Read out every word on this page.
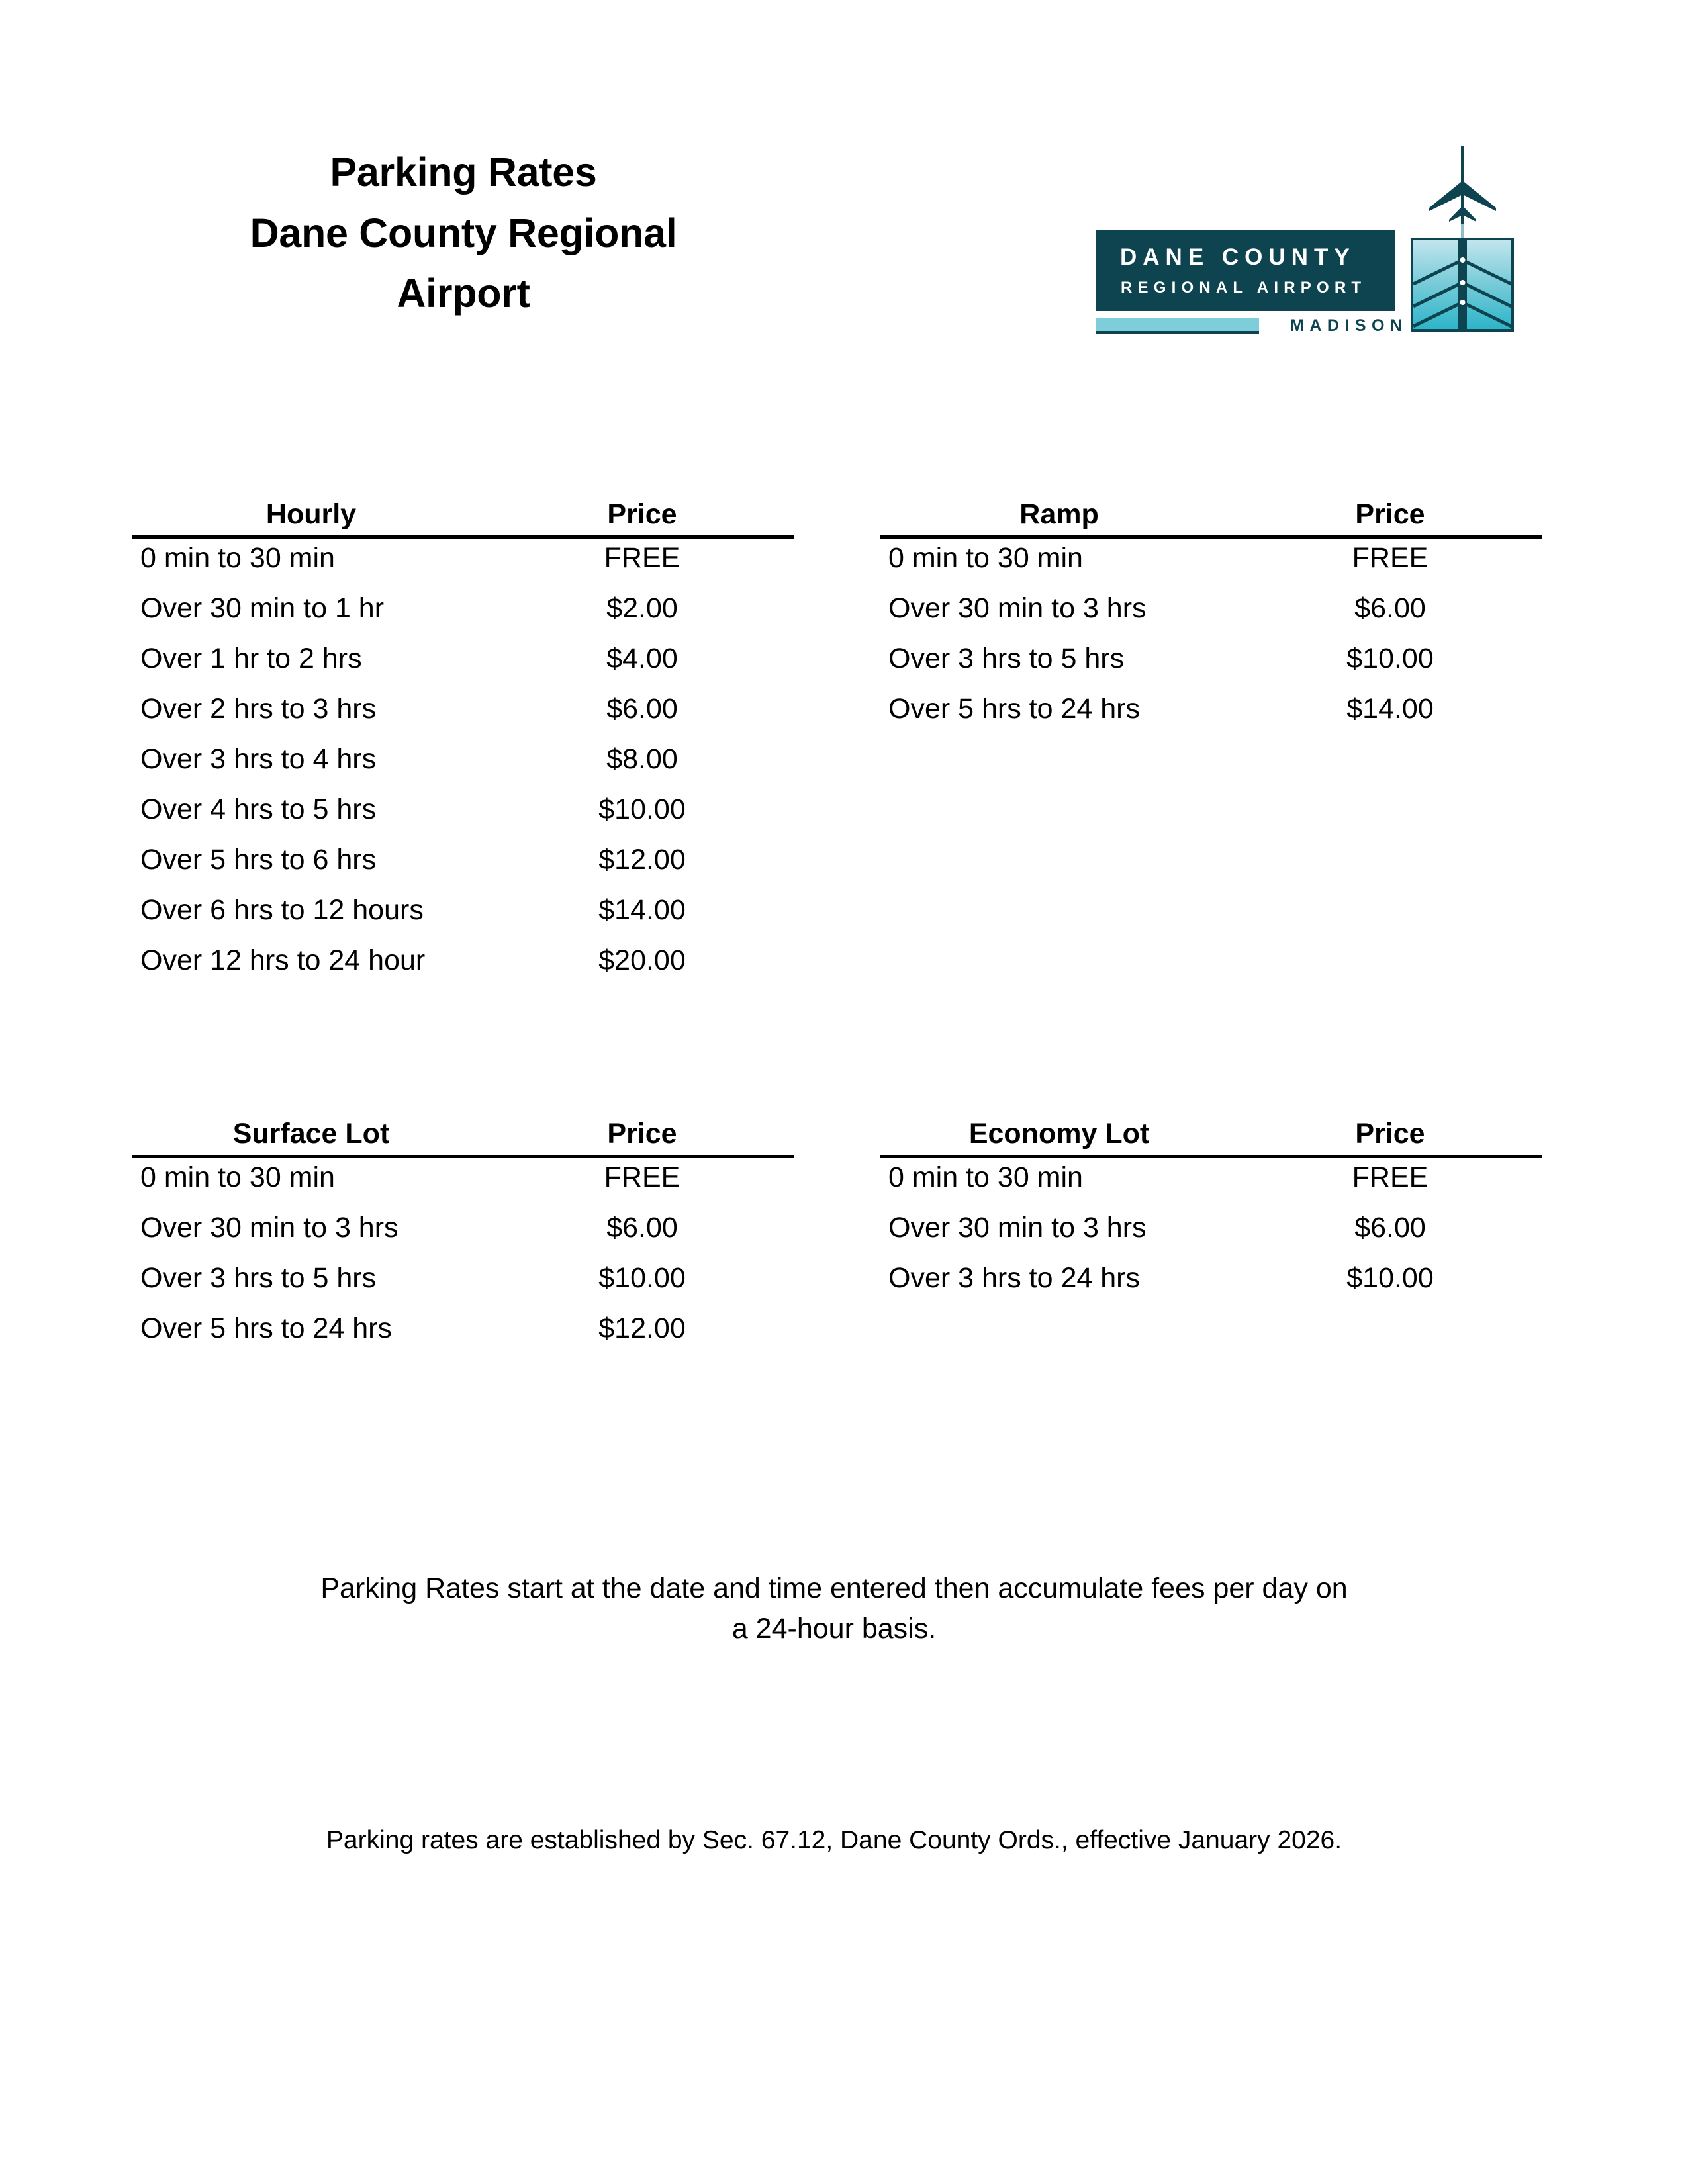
Parking Rates
Dane County Regional
Airport
DANE COUNTY
REGIONAL AIRPORT
MADISON
Hourly	Price
0 min to 30 min	FREE
Over 30 min to 1 hr	$2.00
Over 1 hr to 2 hrs	$4.00
Over 2 hrs to 3 hrs	$6.00
Over 3 hrs to 4 hrs	$8.00
Over 4 hrs to 5 hrs	$10.00
Over 5 hrs to 6 hrs	$12.00
Over 6 hrs to 12 hours	$14.00
Over 12 hrs to 24 hour	$20.00
Ramp	Price
0 min to 30 min	FREE
Over 30 min to 3 hrs	$6.00
Over 3 hrs to 5 hrs	$10.00
Over 5 hrs to 24 hrs	$14.00
Surface Lot	Price
0 min to 30 min	FREE
Over 30 min to 3 hrs	$6.00
Over 3 hrs to 5 hrs	$10.00
Over 5 hrs to 24 hrs	$12.00
Economy Lot	Price
0 min to 30 min	FREE
Over 30 min to 3 hrs	$6.00
Over 3 hrs to 24 hrs	$10.00
Parking Rates start at the date and time entered then accumulate fees per day on
a 24-hour basis.
Parking rates are established by Sec. 67.12, Dane County Ords., effective January 2026.
